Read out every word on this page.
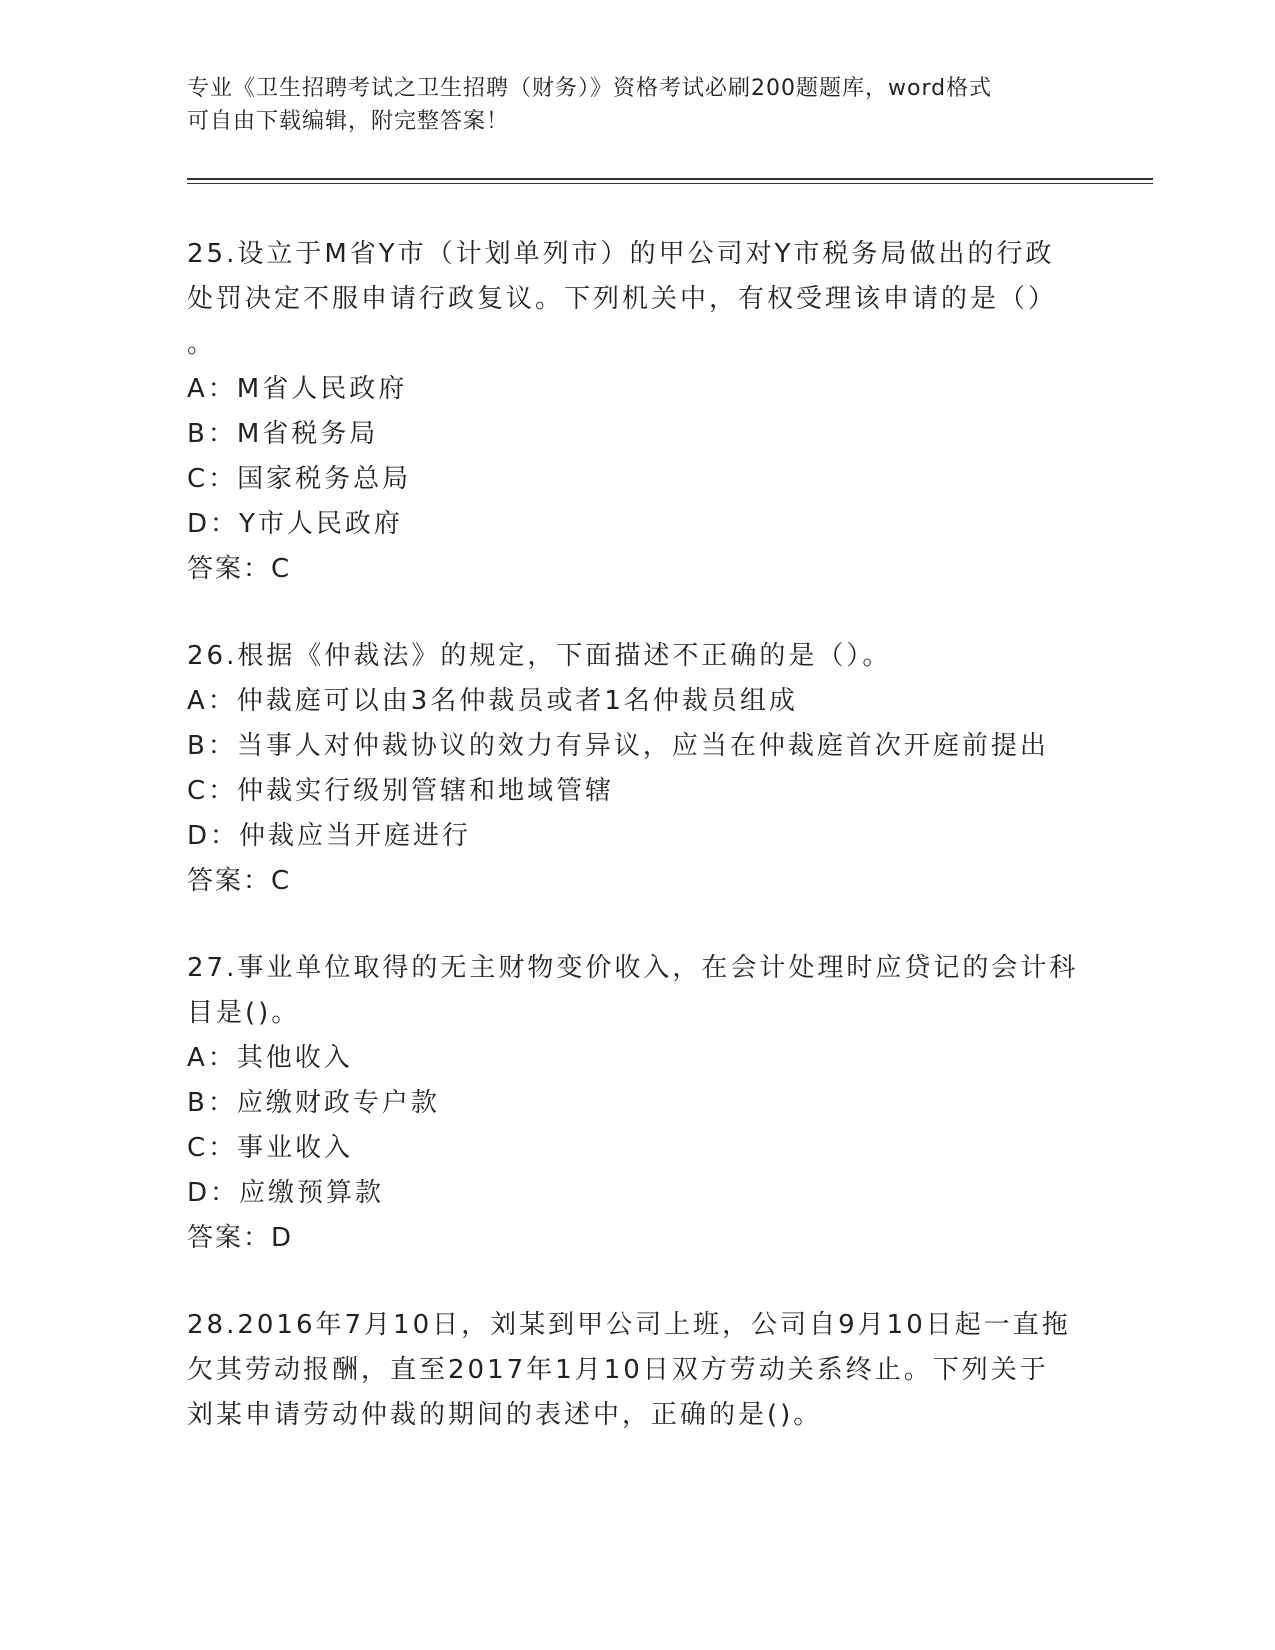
专业《卫生招聘考试之卫生招聘（财务）》资格考试必刷200题题库，word格式
可自由下载编辑，附完整答案！
25.设立于M省Y市（计划单列市）的甲公司对Y市税务局做出的行政
处罚决定不服申请行政复议。下列机关中，有权受理该申请的是（）
。
A：M省人民政府
B：M省税务局
C：国家税务总局
D：Y市人民政府
答案：C
26.根据《仲裁法》的规定，下面描述不正确的是（）。
A：仲裁庭可以由3名仲裁员或者1名仲裁员组成
B：当事人对仲裁协议的效力有异议，应当在仲裁庭首次开庭前提出
C：仲裁实行级别管辖和地域管辖
D：仲裁应当开庭进行
答案：C
27.事业单位取得的无主财物变价收入，在会计处理时应贷记的会计科
目是()。
A：其他收入
B：应缴财政专户款
C：事业收入
D：应缴预算款
答案：D
28.2016年7月10日，刘某到甲公司上班，公司自9月10日起一直拖
欠其劳动报酬，直至2017年1月10日双方劳动关系终止。下列关于
刘某申请劳动仲裁的期间的表述中，正确的是()。
